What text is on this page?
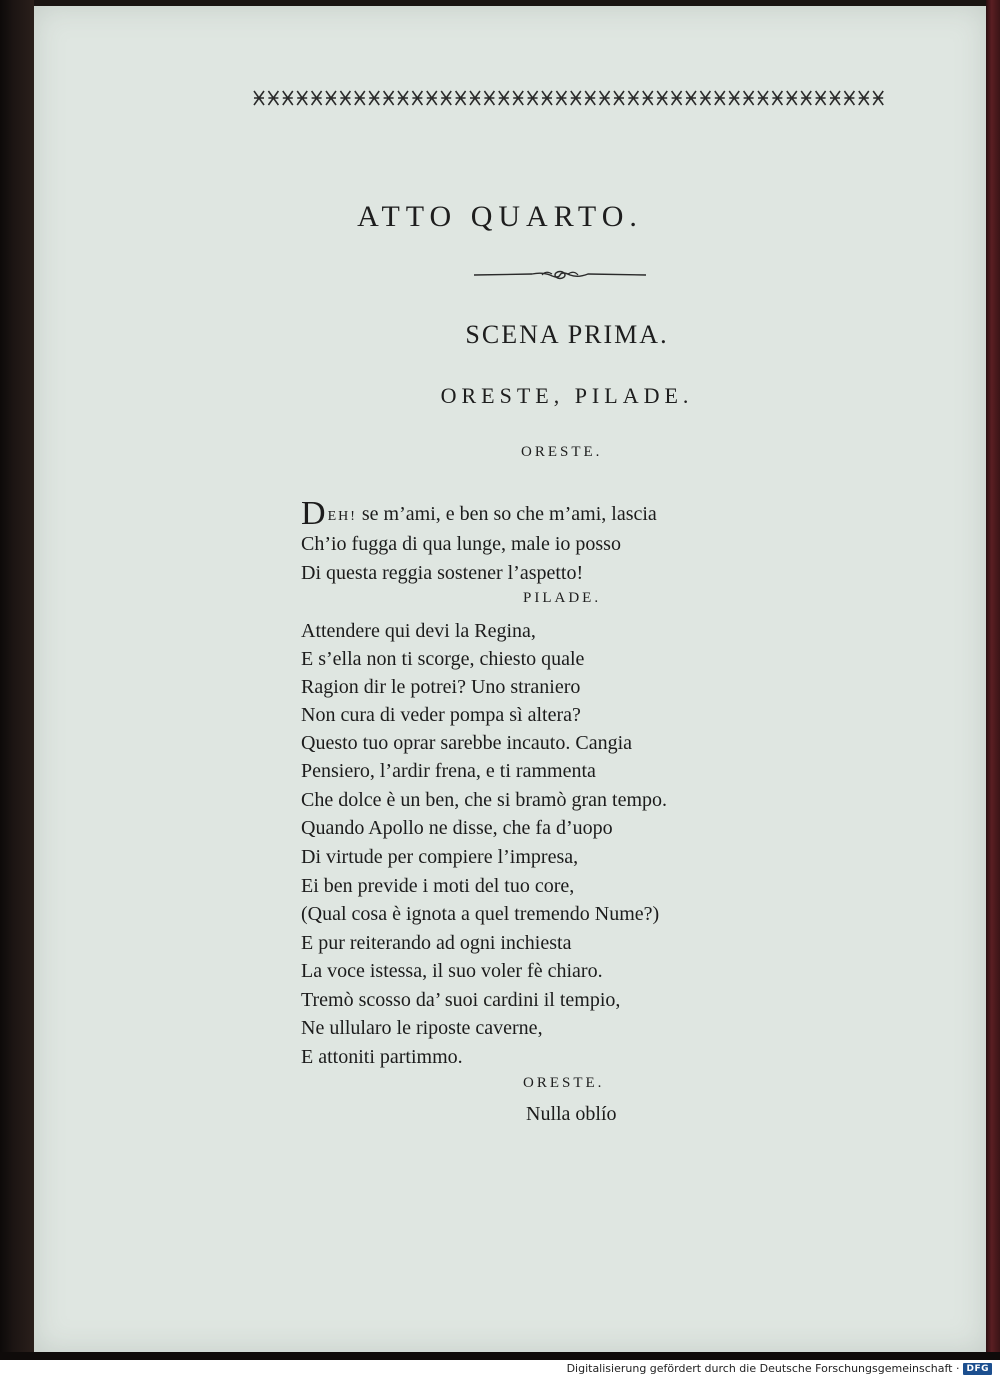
ATTO QUARTO.
SCENA PRIMA.
ORESTE, PILADE.
ORESTE.
DEH! se m’ami, e ben so che m’ami, lascia
Ch’io fugga di qua lunge, male io posso
Di questa reggia sostener l’aspetto!
PILADE.
Attendere qui devi la Regina,
E s’ella non ti scorge, chiesto quale
Ragion dir le potrei? Uno straniero
Non cura di veder pompa sì altera?
Questo tuo oprar sarebbe incauto. Cangia
Pensiero, l’ardir frena, e ti rammenta
Che dolce è un ben, che si bramò gran tempo.
Quando Apollo ne disse, che fa d’uopo
Di virtude per compiere l’impresa,
Ei ben previde i moti del tuo core,
(Qual cosa è ignota a quel tremendo Nume?)
E pur reiterando ad ogni inchiesta
La voce istessa, il suo voler fè chiaro.
Tremò scosso da’ suoi cardini il tempio,
Ne ullularo le riposte caverne,
E attoniti partimmo.
ORESTE.
Nulla oblío
Digitalisierung gefördert durch die Deutsche Forschungsgemeinschaft · DFG
